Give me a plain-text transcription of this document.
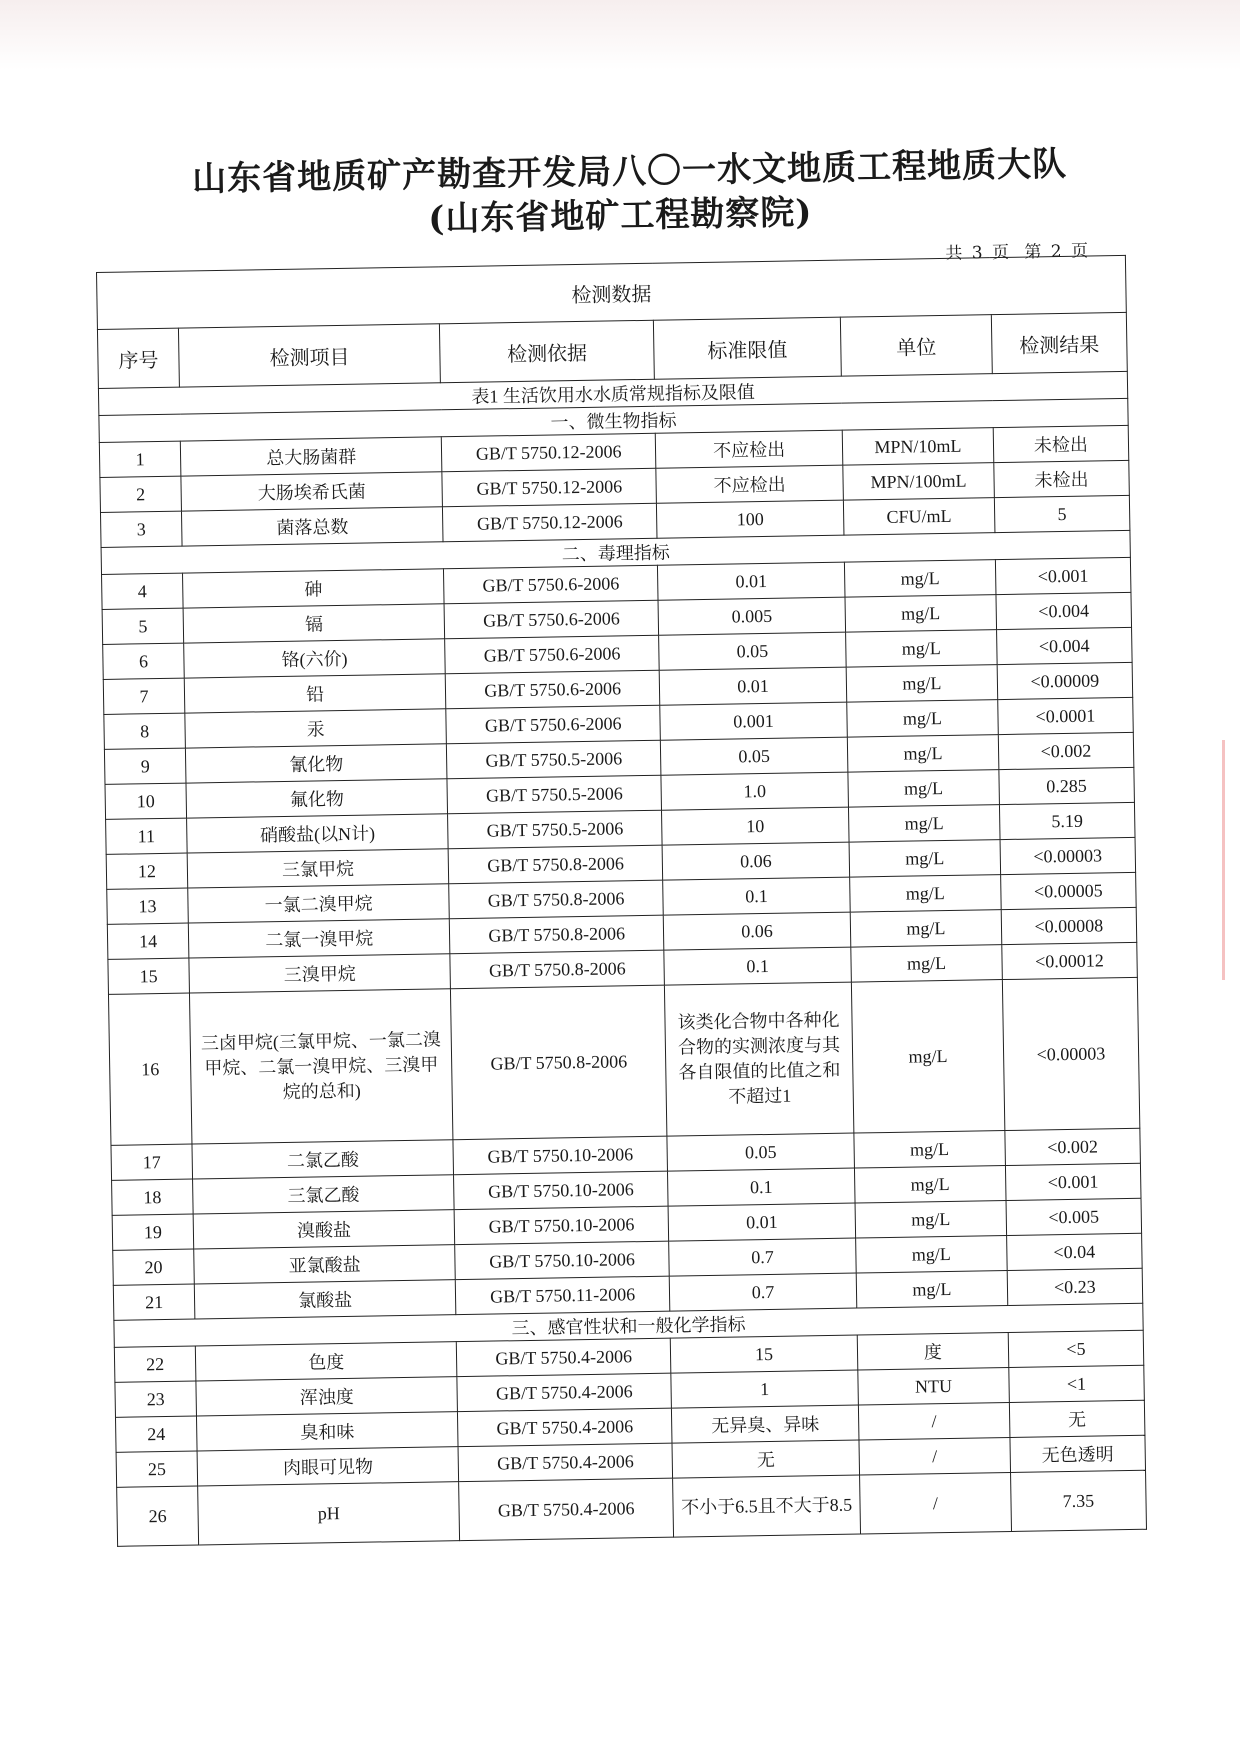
山东省地质矿产勘查开发局八〇一水文地质工程地质大队
(山东省地矿工程勘察院)
共 3 页 第 2 页
检测数据					
序号	检测项目	检测依据	标准限值	单位	检测结果
表1 生活饮用水水质常规指标及限值					
一、微生物指标					
1	总大肠菌群	GB/T 5750.12-2006	不应检出	MPN/10mL	未检出
2	大肠埃希氏菌	GB/T 5750.12-2006	不应检出	MPN/100mL	未检出
3	菌落总数	GB/T 5750.12-2006	100	CFU/mL	5
二、毒理指标					
4	砷	GB/T 5750.6-2006	0.01	mg/L	<0.001
5	镉	GB/T 5750.6-2006	0.005	mg/L	<0.004
6	铬(六价)	GB/T 5750.6-2006	0.05	mg/L	<0.004
7	铅	GB/T 5750.6-2006	0.01	mg/L	<0.00009
8	汞	GB/T 5750.6-2006	0.001	mg/L	<0.0001
9	氰化物	GB/T 5750.5-2006	0.05	mg/L	<0.002
10	氟化物	GB/T 5750.5-2006	1.0	mg/L	0.285
11	硝酸盐(以N计)	GB/T 5750.5-2006	10	mg/L	5.19
12	三氯甲烷	GB/T 5750.8-2006	0.06	mg/L	<0.00003
13	一氯二溴甲烷	GB/T 5750.8-2006	0.1	mg/L	<0.00005
14	二氯一溴甲烷	GB/T 5750.8-2006	0.06	mg/L	<0.00008
15	三溴甲烷	GB/T 5750.8-2006	0.1	mg/L	<0.00012
16	三卤甲烷(三氯甲烷、一氯二溴甲烷、二氯一溴甲烷、三溴甲烷的总和)	GB/T 5750.8-2006	该类化合物中各种化合物的实测浓度与其各自限值的比值之和不超过1	mg/L	<0.00003
17	二氯乙酸	GB/T 5750.10-2006	0.05	mg/L	<0.002
18	三氯乙酸	GB/T 5750.10-2006	0.1	mg/L	<0.001
19	溴酸盐	GB/T 5750.10-2006	0.01	mg/L	<0.005
20	亚氯酸盐	GB/T 5750.10-2006	0.7	mg/L	<0.04
21	氯酸盐	GB/T 5750.11-2006	0.7	mg/L	<0.23
三、感官性状和一般化学指标					
22	色度	GB/T 5750.4-2006	15	度	<5
23	浑浊度	GB/T 5750.4-2006	1	NTU	<1
24	臭和味	GB/T 5750.4-2006	无异臭、异味	/	无
25	肉眼可见物	GB/T 5750.4-2006	无	/	无色透明
26	pH	GB/T 5750.4-2006	不小于6.5且不大于8.5	/	7.35
